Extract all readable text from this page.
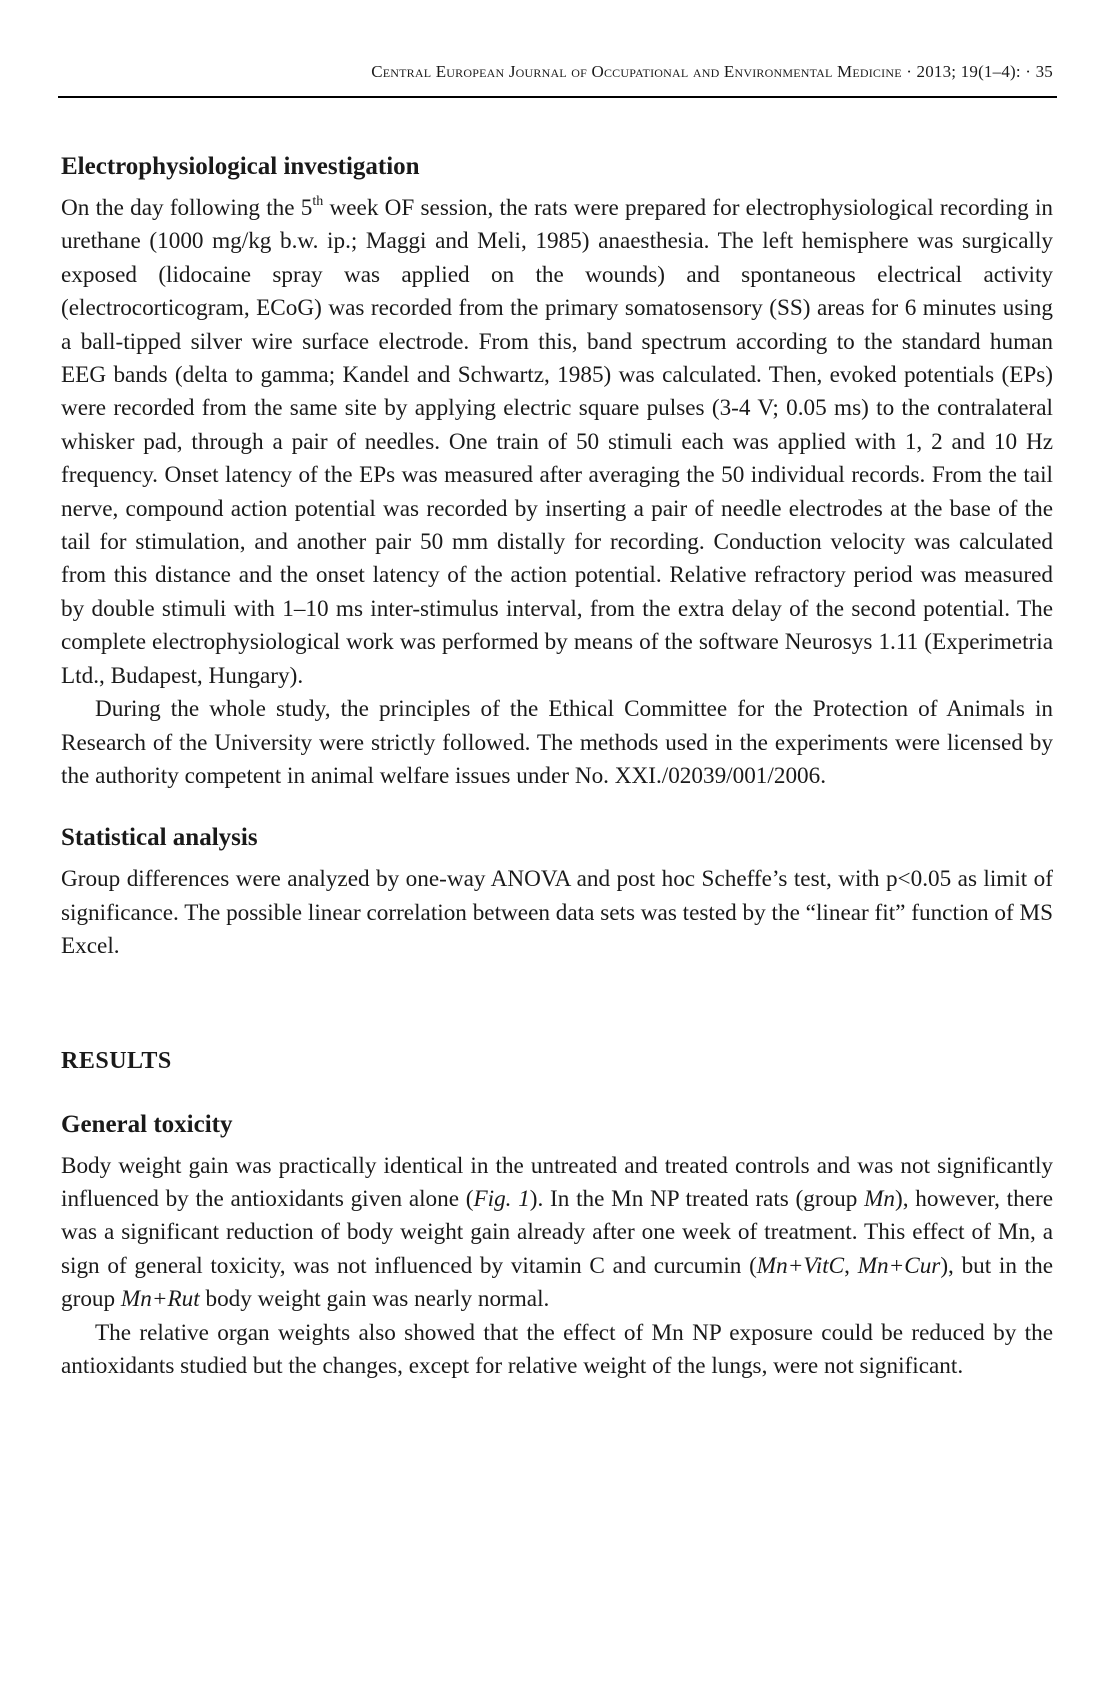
Central European Journal of Occupational and Environmental Medicine · 2013; 19(1–4): · 35
Electrophysiological investigation

On the day following the 5th week OF session, the rats were prepared for electrophysiological recording in urethane (1000 mg/kg b.w. ip.; Maggi and Meli, 1985) anaesthesia. The left hemisphere was surgically exposed (lidocaine spray was applied on the wounds) and spontaneous electrical activity (electrocorticogram, ECoG) was recorded from the primary somatosensory (SS) areas for 6 minutes using a ball-tipped silver wire surface electrode. From this, band spectrum according to the standard human EEG bands (delta to gamma; Kandel and Schwartz, 1985) was calculated. Then, evoked potentials (EPs) were recorded from the same site by applying electric square pulses (3-4 V; 0.05 ms) to the contralateral whisker pad, through a pair of needles. One train of 50 stimuli each was applied with 1, 2 and 10 Hz frequency. Onset latency of the EPs was measured after averaging the 50 individual records. From the tail nerve, compound action potential was recorded by inserting a pair of needle electrodes at the base of the tail for stimulation, and another pair 50 mm distally for recording. Conduction velocity was calculated from this distance and the onset latency of the action potential. Relative refractory period was measured by double stimuli with 1–10 ms inter-stimulus interval, from the extra delay of the second potential. The complete electrophysiological work was performed by means of the software Neurosys 1.11 (Experimetria Ltd., Budapest, Hungary).

During the whole study, the principles of the Ethical Committee for the Protection of Animals in Research of the University were strictly followed. The methods used in the experiments were licensed by the authority competent in animal welfare issues under No. XXI./02039/001/2006.

Statistical analysis

Group differences were analyzed by one-way ANOVA and post hoc Scheffe’s test, with p<0.05 as limit of significance. The possible linear correlation between data sets was tested by the “linear fit” function of MS Excel.

RESULTS
General toxicity

Body weight gain was practically identical in the untreated and treated controls and was not significantly influenced by the antioxidants given alone (Fig. 1). In the Mn NP treated rats (group Mn), however, there was a significant reduction of body weight gain already after one week of treatment. This effect of Mn, a sign of general toxicity, was not influenced by vitamin C and curcumin (Mn+VitC, Mn+Cur), but in the group Mn+Rut body weight gain was nearly normal.

The relative organ weights also showed that the effect of Mn NP exposure could be reduced by the antioxidants studied but the changes, except for relative weight of the lungs, were not significant.
